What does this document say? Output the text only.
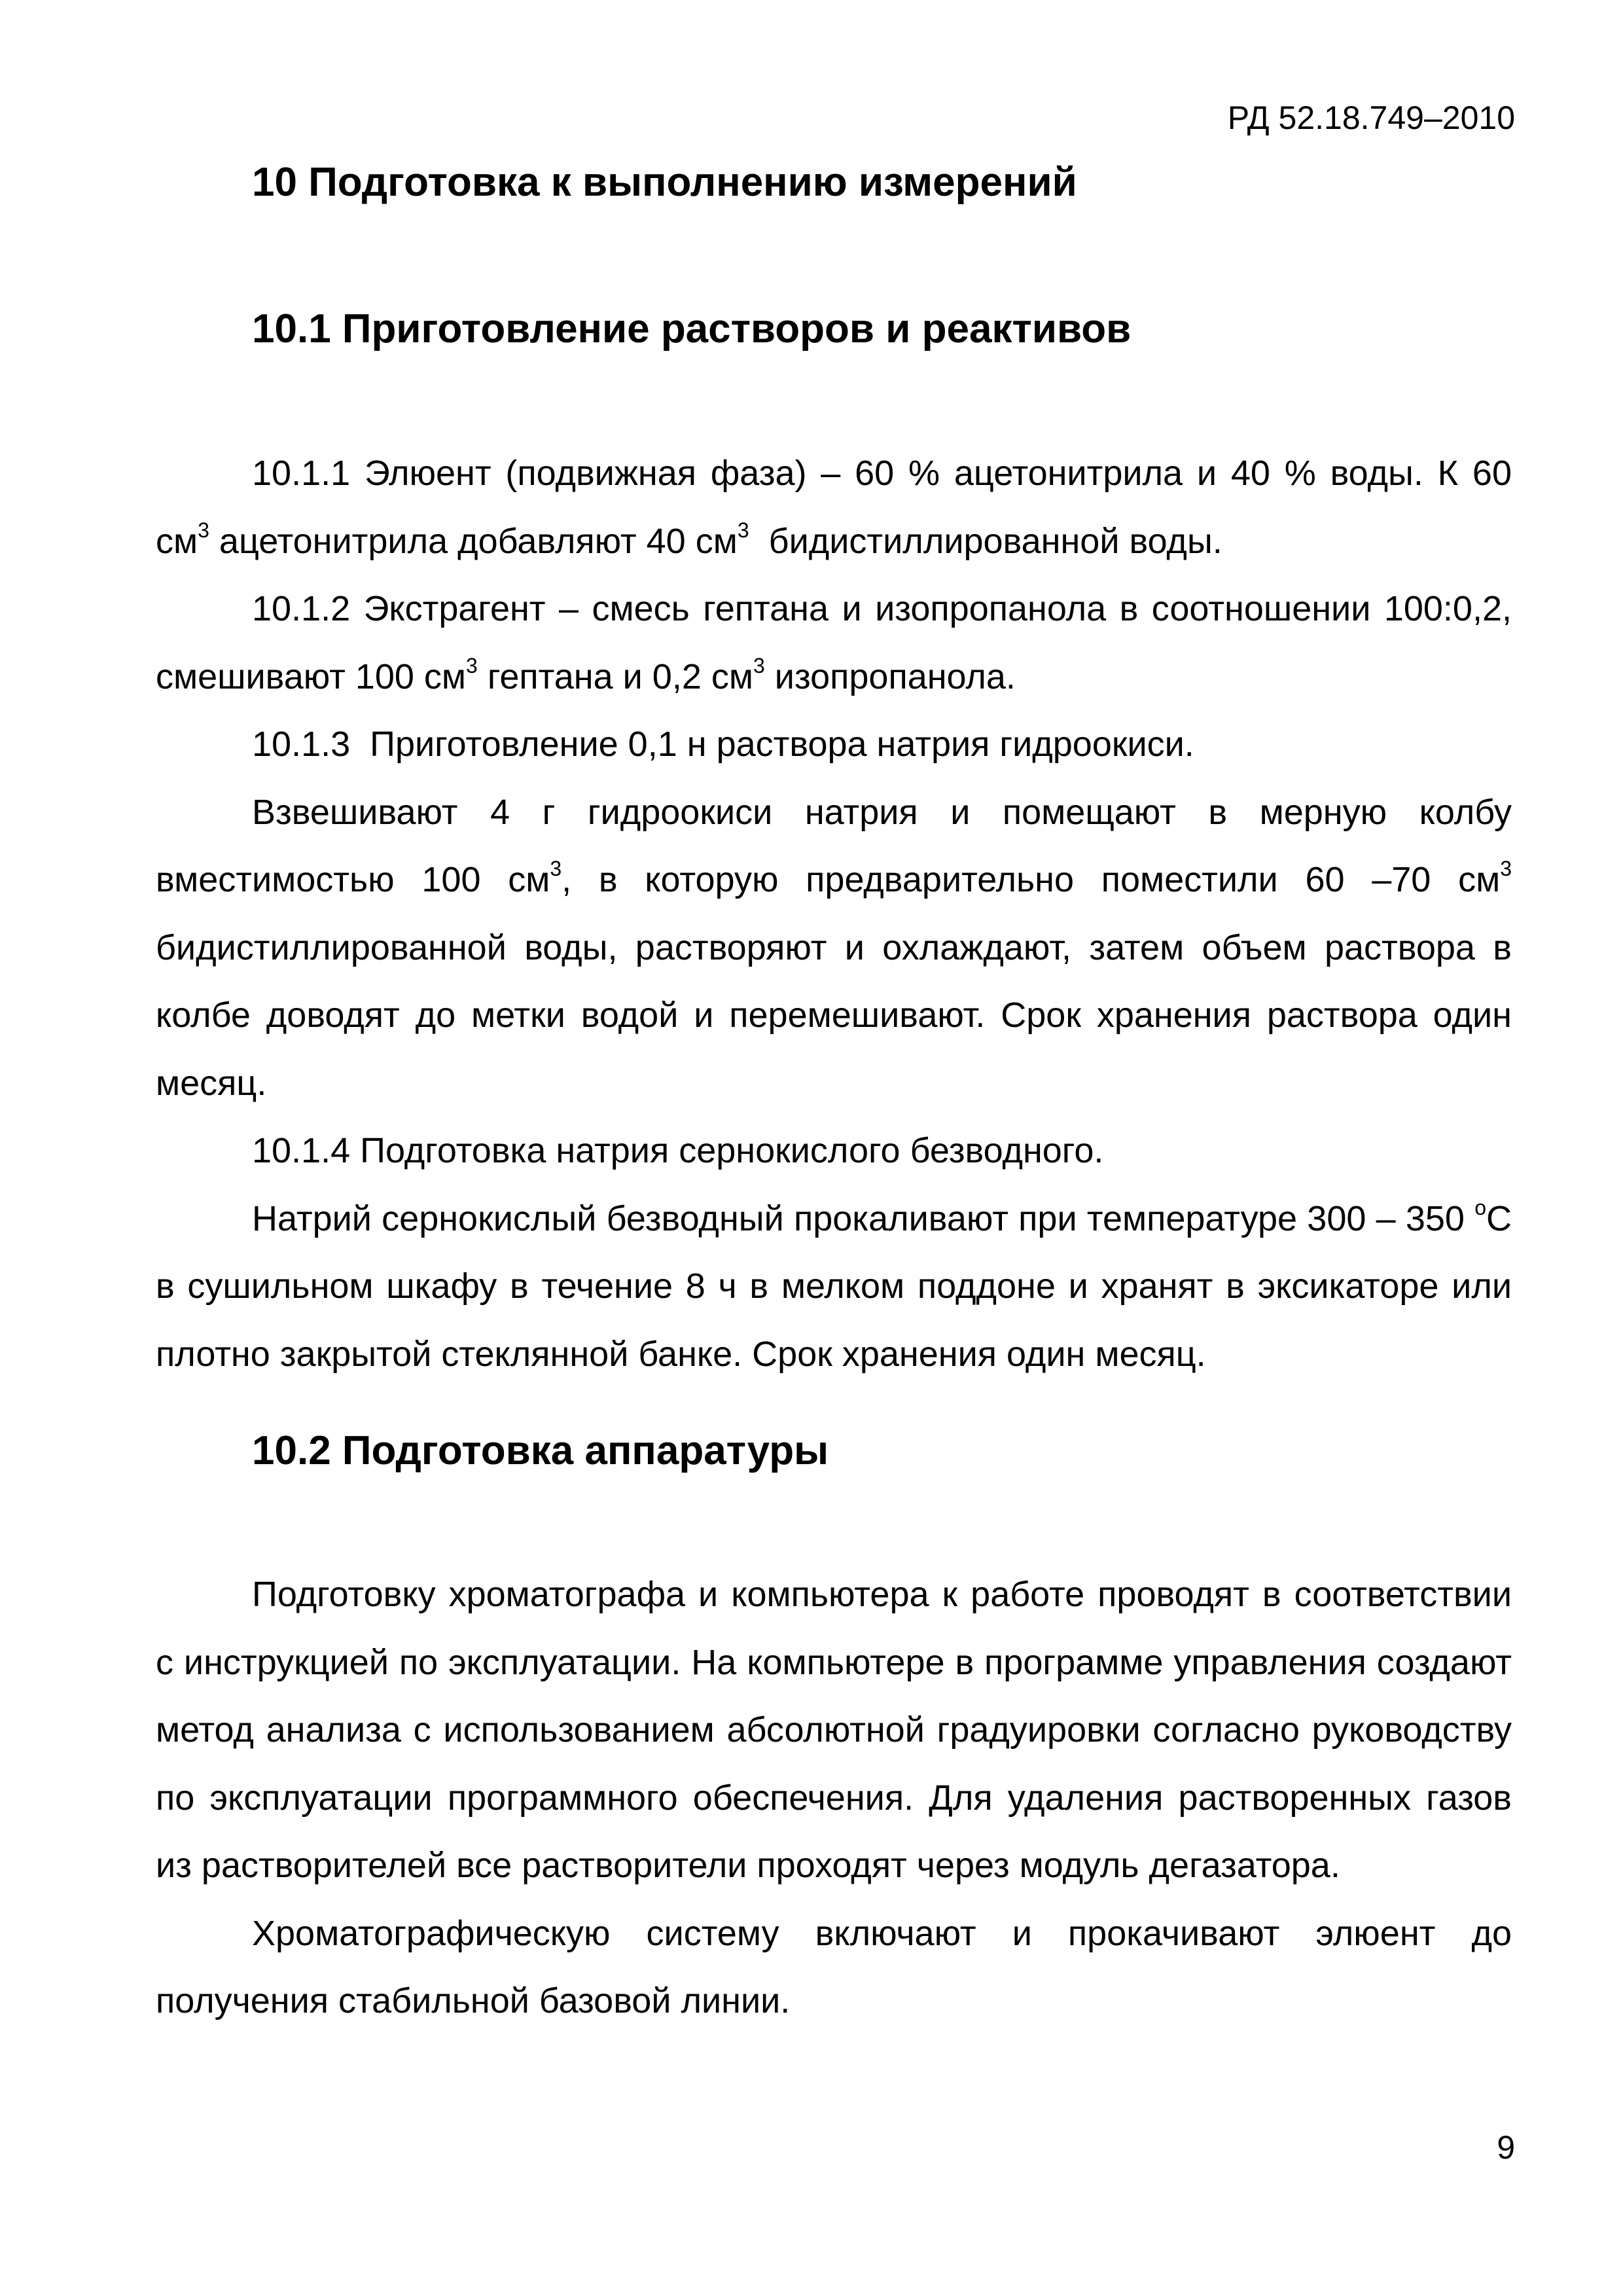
РД 52.18.749–2010
10 Подготовка к выполнению измерений
10.1 Приготовление растворов и реактивов

10.1.1 Элюент (подвижная фаза) – 60 % ацетонитрила и 40 % воды. К 60 $см^3$ ацетонитрила добавляют 40 $см^3$  бидистиллированной воды.

10.1.2 Экстрагент – смесь гептана и изопропанола в соотношении 100:0,2, смешивают 100 $см^3$ гептана и 0,2 $см^3$ изопропанола.

10.1.3  Приготовление 0,1 н раствора натрия гидроокиси.

Взвешивают 4 г гидроокиси натрия и помещают в мерную колбу вместимостью 100 $см^3$, в которую предварительно поместили 60 –70 $см^3$ бидистиллированной воды, растворяют и охлаждают, затем объем раствора в колбе доводят до метки водой и перемешивают. Срок хранения раствора один месяц.

10.1.4 Подготовка натрия сернокислого безводного.

Натрий сернокислый безводный прокаливают при температуре 300 – 350 $^о$С в сушильном шкафу в течение 8 ч в мелком поддоне и хранят в эксикаторе или плотно закрытой стеклянной банке. Срок хранения один месяц.

10.2 Подготовка аппаратуры

Подготовку хроматографа и компьютера к работе проводят в соответствии с инструкцией по эксплуатации. На компьютере в программе управления создают метод анализа с использованием абсолютной градуировки согласно руководству по эксплуатации программного обеспечения. Для удаления растворенных газов из растворителей все растворители проходят через модуль дегазатора.

Хроматографическую систему включают и прокачивают элюент до получения стабильной базовой линии.

9
